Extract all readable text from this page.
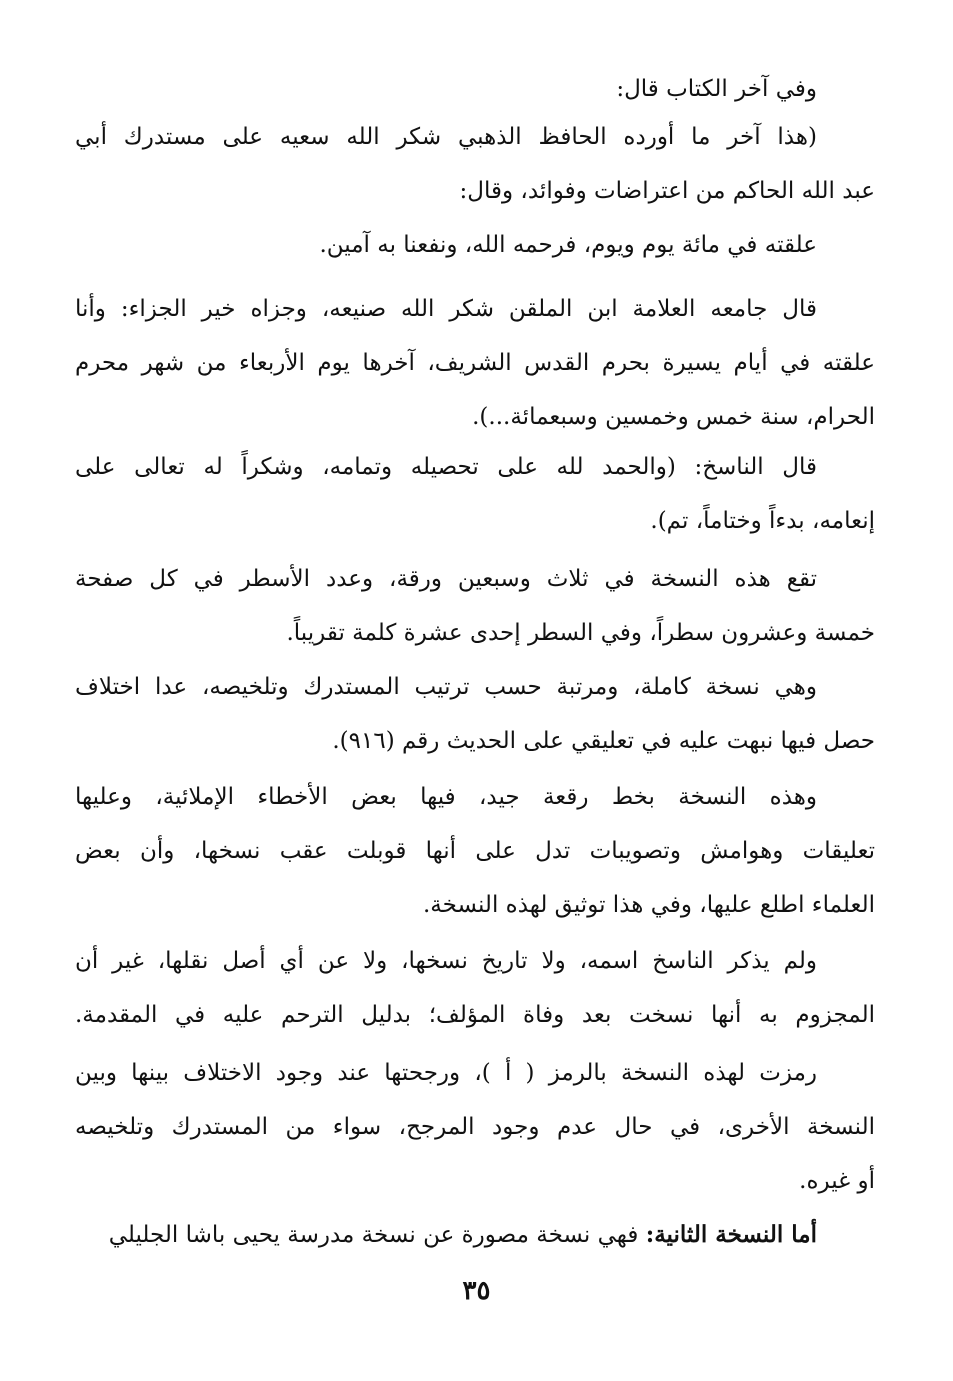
وفي آخر الكتاب قال:
(هذا آخر ما أورده الحافظ الذهبي شكر الله سعيه على مستدرك أبي
عبد الله الحاكم من اعتراضات وفوائد، وقال:
علقته في مائة يوم ويوم، فرحمه الله، ونفعنا به آمين.
قال جامعه العلامة ابن الملقن شكر الله صنيعه، وجزاه خير الجزاء: وأنا
علقته في أيام يسيرة بحرم القدس الشريف، آخرها يوم الأربعاء من شهر محرم
الحرام، سنة خمس وخمسين وسبعمائة...).
قال الناسخ: (والحمد لله على تحصيله وتمامه، وشكراً له تعالى على
إنعامه، بدءاً وختاماً، تم).
تقع هذه النسخة في ثلاث وسبعين ورقة، وعدد الأسطر في كل صفحة
خمسة وعشرون سطراً، وفي السطر إحدى عشرة كلمة تقريباً.
وهي نسخة كاملة، ومرتبة حسب ترتيب المستدرك وتلخيصه، عدا اختلاف
حصل فيها نبهت عليه في تعليقي على الحديث رقم (٩١٦).
وهذه النسخة بخط رقعة جيد، فيها بعض الأخطاء الإملائية، وعليها
تعليقات وهوامش وتصويبات تدل على أنها قوبلت عقب نسخها، وأن بعض
العلماء اطلع عليها، وفي هذا توثيق لهذه النسخة.
ولم يذكر الناسخ اسمه، ولا تاريخ نسخها، ولا عن أي أصل نقلها، غير أن
المجزوم به أنها نسخت بعد وفاة المؤلف؛ بدليل الترحم عليه في المقدمة.
رمزت لهذه النسخة بالرمز ( أ )، ورجحتها عند وجود الاختلاف بينها وبين
النسخة الأخرى، في حال عدم وجود المرجح، سواء من المستدرك وتلخيصه
أو غيره.
أما النسخة الثانية: فهي نسخة مصورة عن نسخة مدرسة يحيى باشا الجليلي
٣٥
